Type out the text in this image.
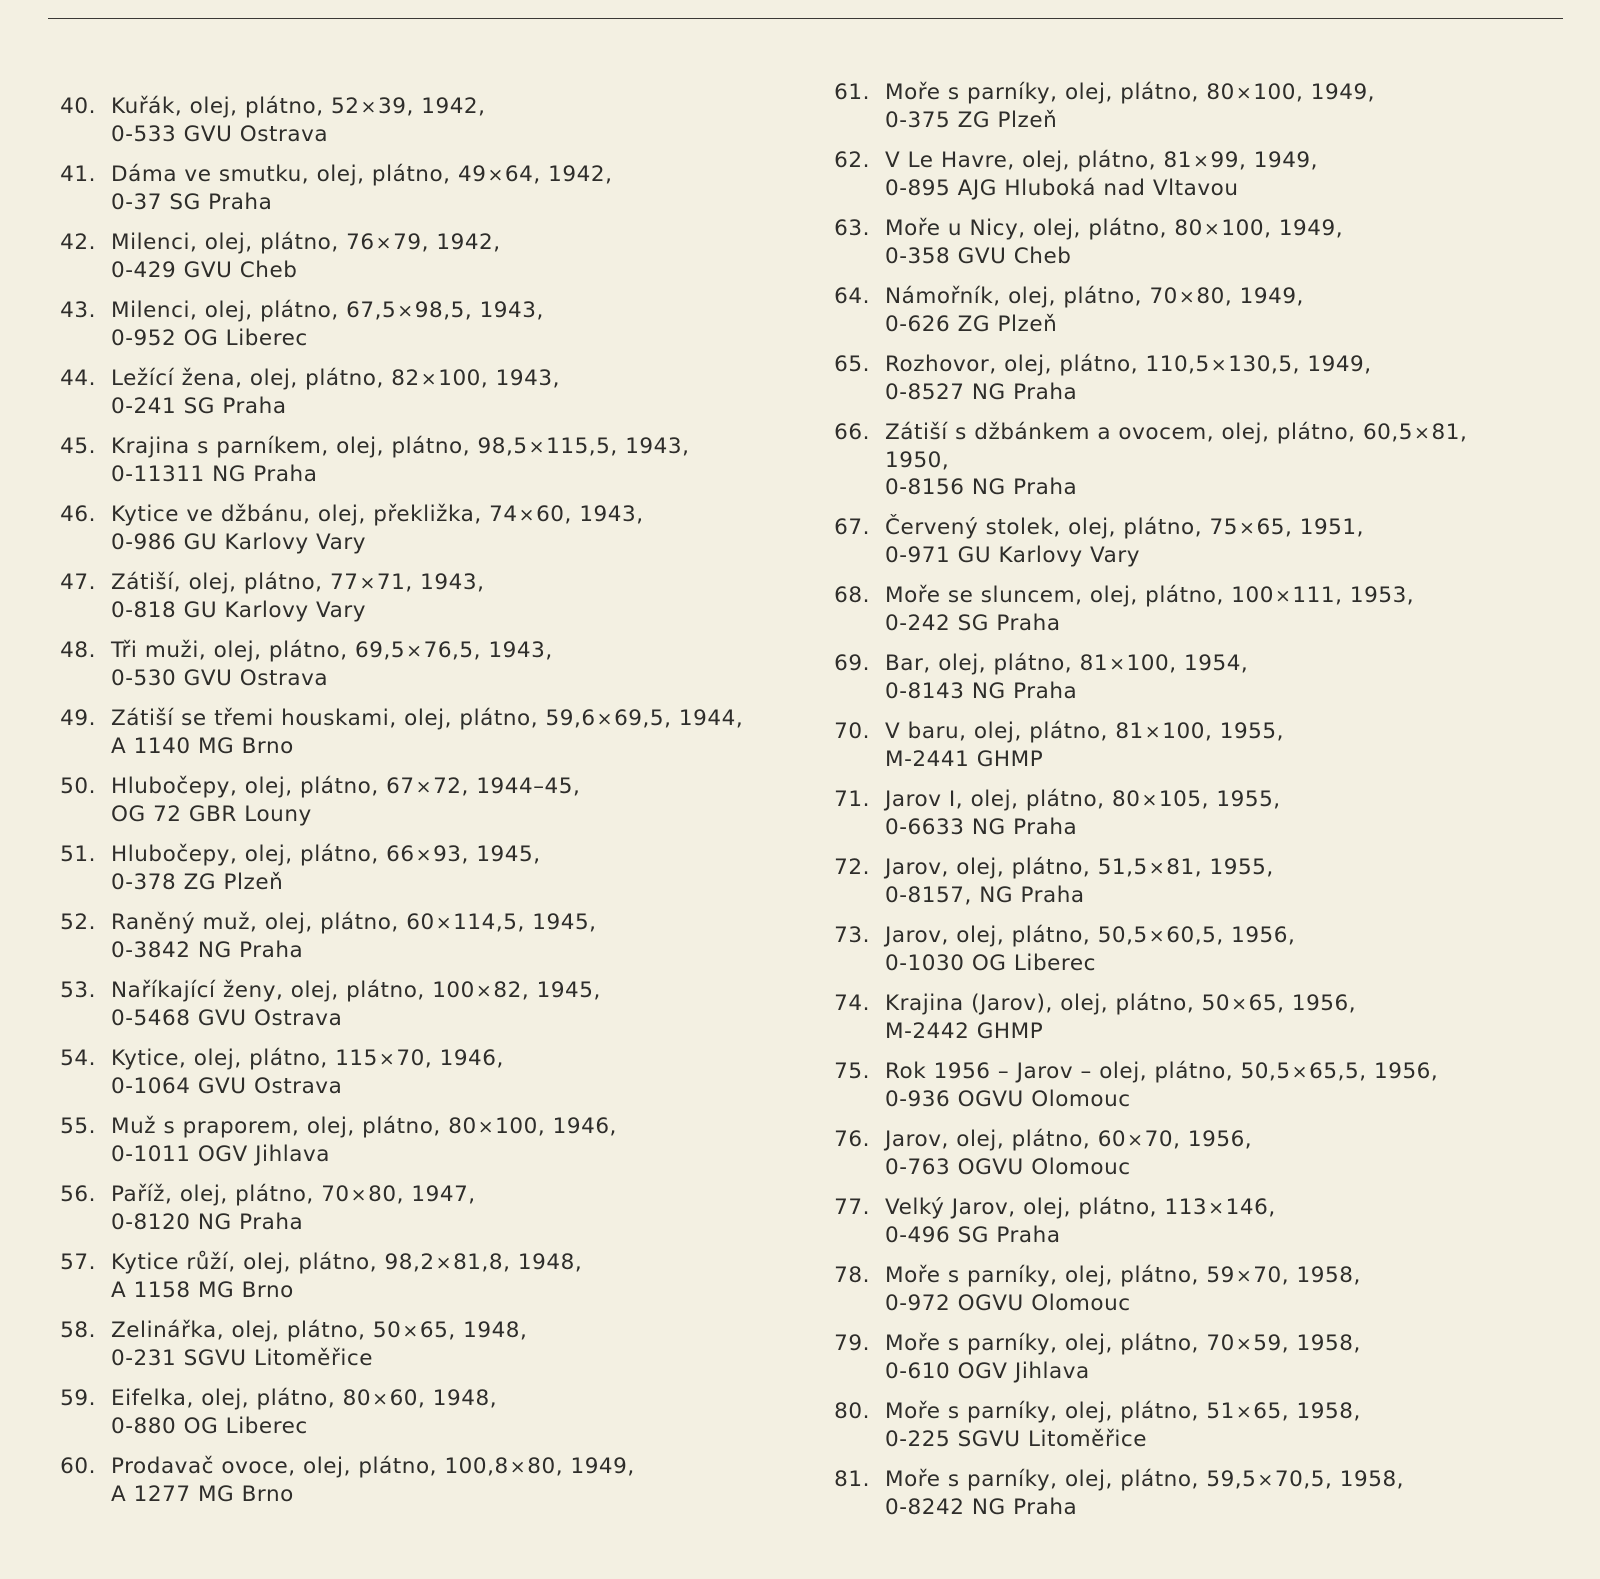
40. Kuřák, olej, plátno, 52×39, 1942,
0-533 GVU Ostrava
41. Dáma ve smutku, olej, plátno, 49×64, 1942,
0-37 SG Praha
42. Milenci, olej, plátno, 76×79, 1942,
0-429 GVU Cheb
43. Milenci, olej, plátno, 67,5×98,5, 1943,
0-952 OG Liberec
44. Ležící žena, olej, plátno, 82×100, 1943,
0-241 SG Praha
45. Krajina s parníkem, olej, plátno, 98,5×115,5, 1943,
0-11311 NG Praha
46. Kytice ve džbánu, olej, překližka, 74×60, 1943,
0-986 GU Karlovy Vary
47. Zátiší, olej, plátno, 77×71, 1943,
0-818 GU Karlovy Vary
48. Tři muži, olej, plátno, 69,5×76,5, 1943,
0-530 GVU Ostrava
49. Zátiší se třemi houskami, olej, plátno, 59,6×69,5, 1944,
A 1140 MG Brno
50. Hlubočepy, olej, plátno, 67×72, 1944–45,
OG 72 GBR Louny
51. Hlubočepy, olej, plátno, 66×93, 1945,
0-378 ZG Plzeň
52. Raněný muž, olej, plátno, 60×114,5, 1945,
0-3842 NG Praha
53. Naříkající ženy, olej, plátno, 100×82, 1945,
0-5468 GVU Ostrava
54. Kytice, olej, plátno, 115×70, 1946,
0-1064 GVU Ostrava
55. Muž s praporem, olej, plátno, 80×100, 1946,
0-1011 OGV Jihlava
56. Paříž, olej, plátno, 70×80, 1947,
0-8120 NG Praha
57. Kytice růží, olej, plátno, 98,2×81,8, 1948,
A 1158 MG Brno
58. Zelinářka, olej, plátno, 50×65, 1948,
0-231 SGVU Litoměřice
59. Eifelka, olej, plátno, 80×60, 1948,
0-880 OG Liberec
60. Prodavač ovoce, olej, plátno, 100,8×80, 1949,
A 1277 MG Brno
61. Moře s parníky, olej, plátno, 80×100, 1949,
0-375 ZG Plzeň
62. V Le Havre, olej, plátno, 81×99, 1949,
0-895 AJG Hluboká nad Vltavou
63. Moře u Nicy, olej, plátno, 80×100, 1949,
0-358 GVU Cheb
64. Námořník, olej, plátno, 70×80, 1949,
0-626 ZG Plzeň
65. Rozhovor, olej, plátno, 110,5×130,5, 1949,
0-8527 NG Praha
66. Zátiší s džbánkem a ovocem, olej, plátno, 60,5×81,
1950,
0-8156 NG Praha
67. Červený stolek, olej, plátno, 75×65, 1951,
0-971 GU Karlovy Vary
68. Moře se sluncem, olej, plátno, 100×111, 1953,
0-242 SG Praha
69. Bar, olej, plátno, 81×100, 1954,
0-8143 NG Praha
70. V baru, olej, plátno, 81×100, 1955,
M-2441 GHMP
71. Jarov I, olej, plátno, 80×105, 1955,
0-6633 NG Praha
72. Jarov, olej, plátno, 51,5×81, 1955,
0-8157, NG Praha
73. Jarov, olej, plátno, 50,5×60,5, 1956,
0-1030 OG Liberec
74. Krajina (Jarov), olej, plátno, 50×65, 1956,
M-2442 GHMP
75. Rok 1956 – Jarov – olej, plátno, 50,5×65,5, 1956,
0-936 OGVU Olomouc
76. Jarov, olej, plátno, 60×70, 1956,
0-763 OGVU Olomouc
77. Velký Jarov, olej, plátno, 113×146,
0-496 SG Praha
78. Moře s parníky, olej, plátno, 59×70, 1958,
0-972 OGVU Olomouc
79. Moře s parníky, olej, plátno, 70×59, 1958,
0-610 OGV Jihlava
80. Moře s parníky, olej, plátno, 51×65, 1958,
0-225 SGVU Litoměřice
81. Moře s parníky, olej, plátno, 59,5×70,5, 1958,
0-8242 NG Praha
